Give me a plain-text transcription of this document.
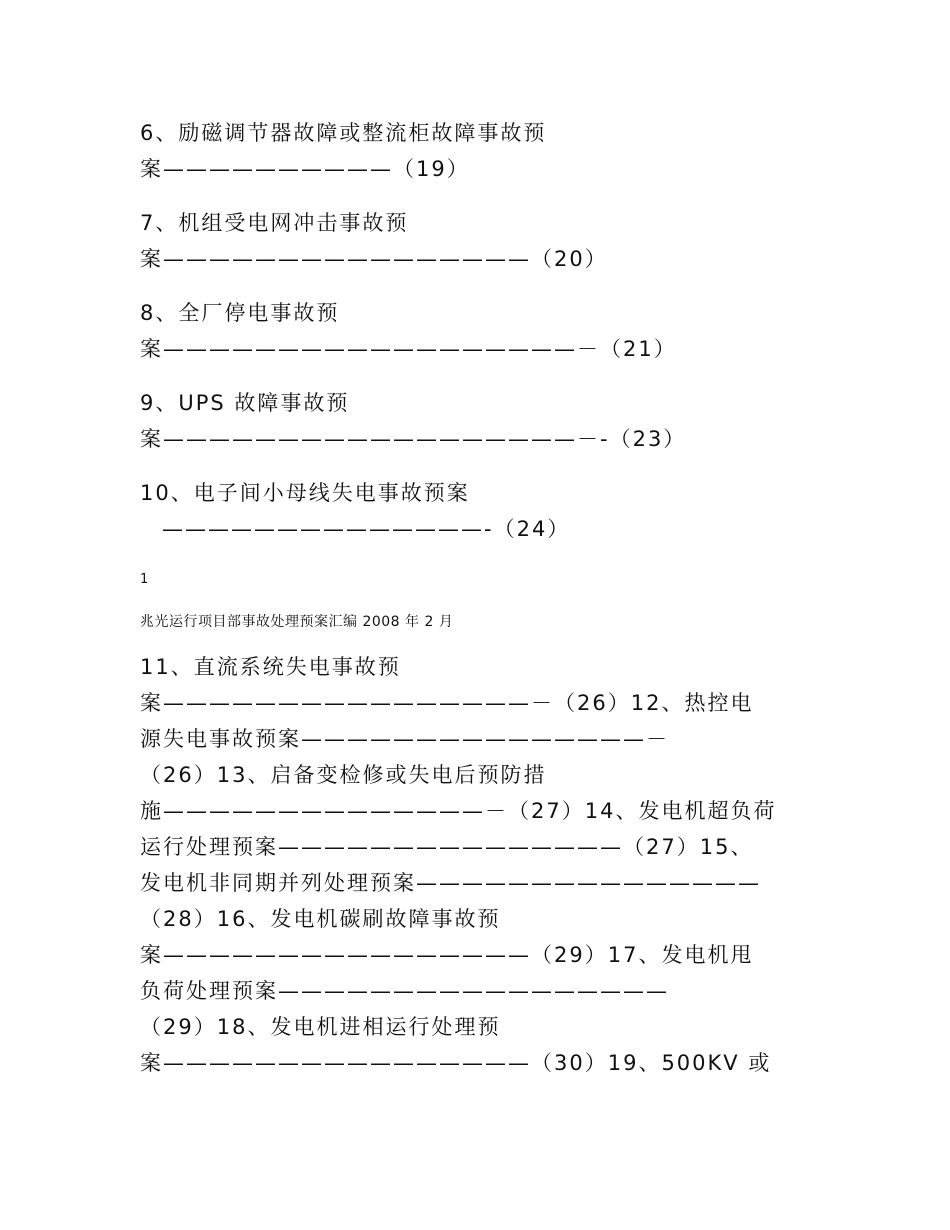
6、励磁调节器故障或整流柜故障事故预
案——————————（19）
7、机组受电网冲击事故预
案————————————————（20）
8、全厂停电事故预
案——————————————————－（21）
9、UPS 故障事故预
案——————————————————－-（23）
10、电子间小母线失电事故预案
——————————————-（24）
1
兆光运行项目部事故处理预案汇编 2008 年 2 月
11、直流系统失电事故预
案————————————————－（26）12、热控电
源失电事故预案———————————————－
（26）13、启备变检修或失电后预防措
施——————————————－（27）14、发电机超负荷
运行处理预案———————————————（27）15、
发电机非同期并列处理预案———————————————
（28）16、发电机碳刷故障事故预
案————————————————（29）17、发电机甩
负荷处理预案—————————————————
（29）18、发电机进相运行处理预
案————————————————（30）19、500KV 或
